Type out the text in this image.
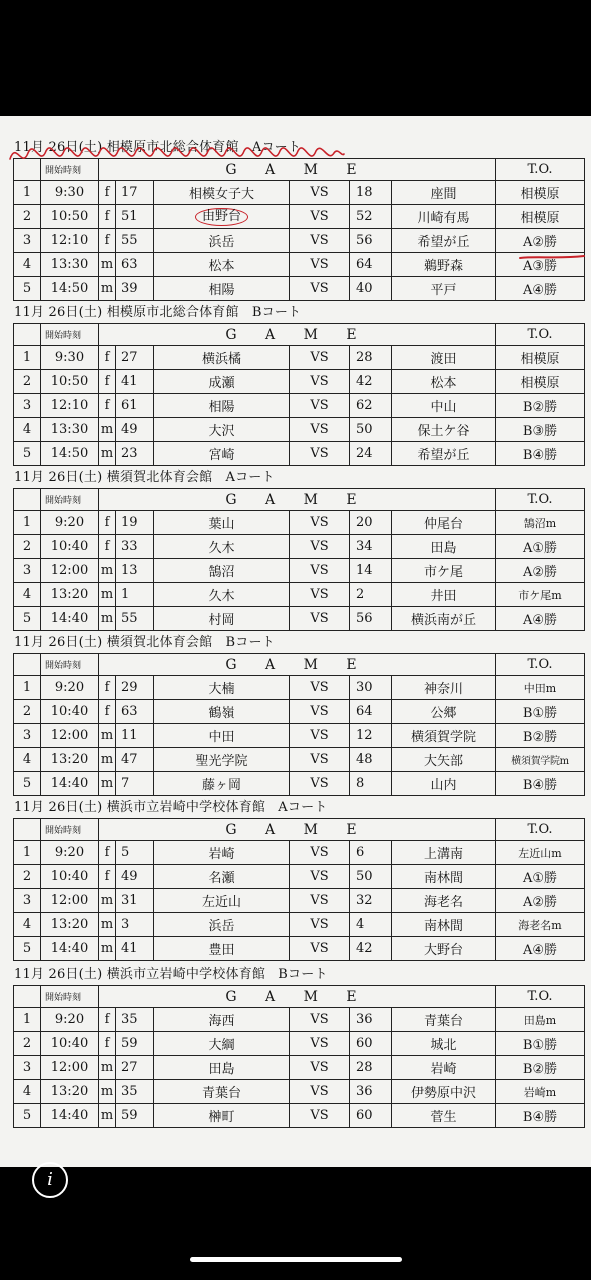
11月 26日(土) 相模原市北総合体育館　Aコート
	開始時刻	G A M E						T.O.
1	9:30	f	17	相模女子大	VS	18	座間	相模原
2	10:50	f	51	由野台	VS	52	川崎有馬	相模原
3	12:10	f	55	浜岳	VS	56	希望が丘	A②勝
4	13:30	m	63	松本	VS	64	鵜野森	A③勝
5	14:50	m	39	相陽	VS	40	平戸	A④勝
11月 26日(土) 相模原市北総合体育館　Bコート
	開始時刻	G A M E						T.O.
1	9:30	f	27	横浜橘	VS	28	渡田	相模原
2	10:50	f	41	成瀬	VS	42	松本	相模原
3	12:10	f	61	相陽	VS	62	中山	B②勝
4	13:30	m	49	大沢	VS	50	保土ケ谷	B③勝
5	14:50	m	23	宮崎	VS	24	希望が丘	B④勝
11月 26日(土) 横須賀北体育会館　Aコート
	開始時刻	G A M E						T.O.
1	9:20	f	19	葉山	VS	20	仲尾台	鵠沼m
2	10:40	f	33	久木	VS	34	田島	A①勝
3	12:00	m	13	鵠沼	VS	14	市ケ尾	A②勝
4	13:20	m	1	久木	VS	2	井田	市ケ尾m
5	14:40	m	55	村岡	VS	56	横浜南が丘	A④勝
11月 26日(土) 横須賀北体育会館　Bコート
	開始時刻	G A M E						T.O.
1	9:20	f	29	大楠	VS	30	神奈川	中田m
2	10:40	f	63	鶴嶺	VS	64	公郷	B①勝
3	12:00	m	11	中田	VS	12	横須賀学院	B②勝
4	13:20	m	47	聖光学院	VS	48	大矢部	横須賀学院m
5	14:40	m	7	藤ヶ岡	VS	8	山内	B④勝
11月 26日(土) 横浜市立岩崎中学校体育館　Aコート
	開始時刻	G A M E						T.O.
1	9:20	f	5	岩崎	VS	6	上溝南	左近山m
2	10:40	f	49	名瀬	VS	50	南林間	A①勝
3	12:00	m	31	左近山	VS	32	海老名	A②勝
4	13:20	m	3	浜岳	VS	4	南林間	海老名m
5	14:40	m	41	豊田	VS	42	大野台	A④勝
11月 26日(土) 横浜市立岩崎中学校体育館　Bコート
	開始時刻	G A M E						T.O.
1	9:20	f	35	海西	VS	36	青葉台	田島m
2	10:40	f	59	大綱	VS	60	城北	B①勝
3	12:00	m	27	田島	VS	28	岩崎	B②勝
4	13:20	m	35	青葉台	VS	36	伊勢原中沢	岩崎m
5	14:40	m	59	榊町	VS	60	菅生	B④勝
i
